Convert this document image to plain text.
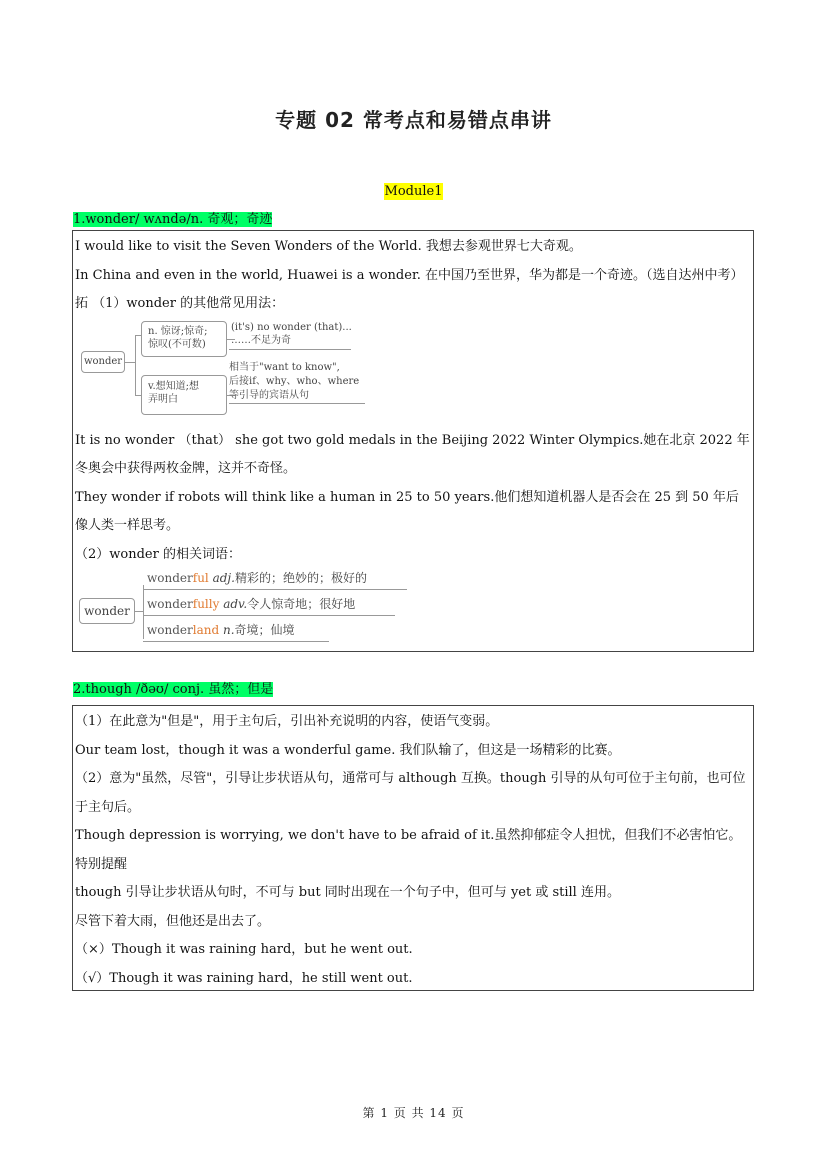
专题 02 常考点和易错点串讲
Module1
1.wonder/ wʌndə/n. 奇观；奇迹

I would like to visit the Seven Wonders of the World. 我想去参观世界七大奇观。

In China and even in the world, Huawei is a wonder. 在中国乃至世界，华为都是一个奇迹。（选自达州中考）

拓 （1）wonder 的其他常见用法：

wonder
n. 惊讶;惊奇;
惊叹(不可数)
v.想知道;想
弄明白
(it's) no wonder (that)...
……不足为奇
相当于"want to know",
后接if、why、who、where
等引导的宾语从句

It is no wonder （that） she got two gold medals in the Beijing 2022 Winter Olympics.她在北京 2022 年冬奥会中获得两枚金牌，这并不奇怪。

They wonder if robots will think like a human in 25 to 50 years.他们想知道机器人是否会在 25 到 50 年后像人类一样思考。

（2）wonder 的相关词语：

wonder
wonderful adj.精彩的；绝妙的；极好的
wonderfully adv.令人惊奇地；很好地
wonderland n.奇境；仙境
2.though /ðəʊ/ conj. 虽然；但是

（1）在此意为"但是"，用于主句后，引出补充说明的内容，使语气变弱。

Our team lost，though it was a wonderful game. 我们队输了，但这是一场精彩的比赛。

（2）意为"虽然，尽管"，引导让步状语从句，通常可与 although 互换。though 引导的从句可位于主句前，也可位于主句后。

Though depression is worrying, we don't have to be afraid of it.虽然抑郁症令人担忧，但我们不必害怕它。

特别提醒

though 引导让步状语从句时，不可与 but 同时出现在一个句子中，但可与 yet 或 still 连用。

尽管下着大雨，但他还是出去了。

（×）Though it was raining hard，but he went out.

（√）Though it was raining hard，he still went out.

第 1 页 共 14 页
